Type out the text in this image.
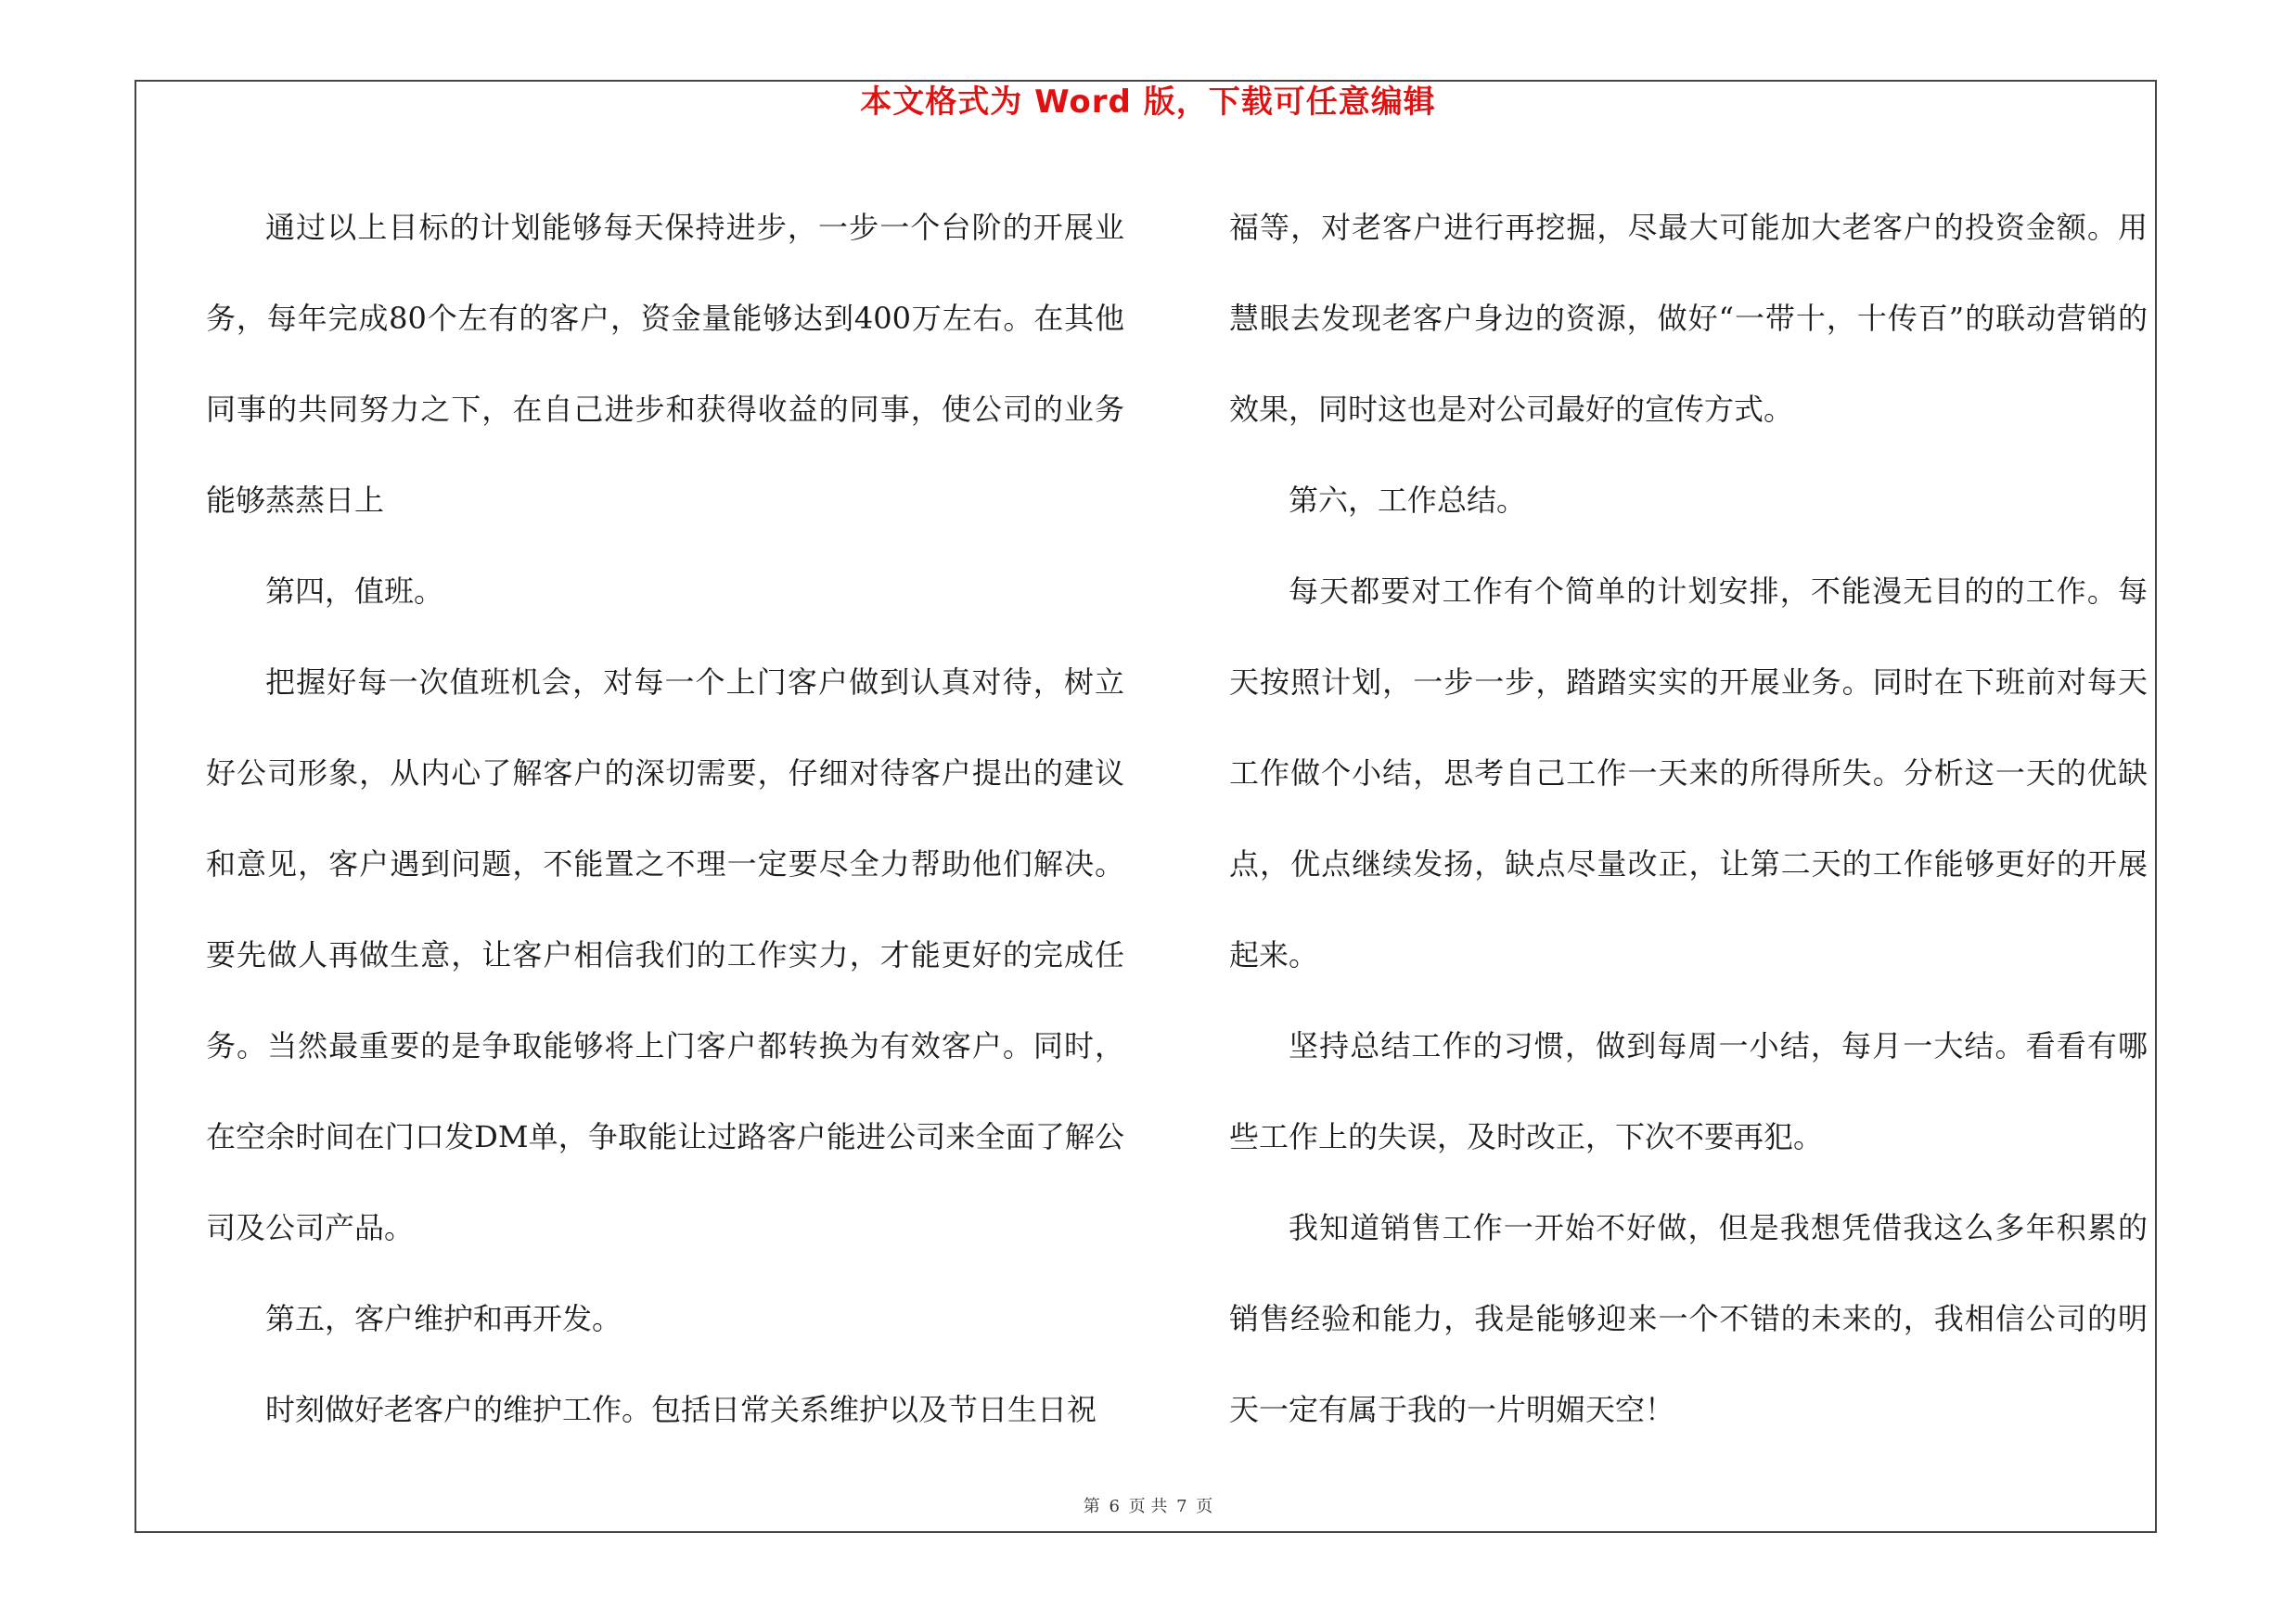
本文格式为 Word 版，下载可任意编辑

通过以上目标的计划能够每天保持进步，一步一个台阶的开展业务，每年完成80个左有的客户，资金量能够达到400万左右。在其他同事的共同努力之下，在自己进步和获得收益的同事，使公司的业务能够蒸蒸日上

第四，值班。

把握好每一次值班机会，对每一个上门客户做到认真对待，树立好公司形象，从内心了解客户的深切需要，仔细对待客户提出的建议和意见，客户遇到问题，不能置之不理一定要尽全力帮助他们解决。要先做人再做生意，让客户相信我们的工作实力，才能更好的完成任务。当然最重要的是争取能够将上门客户都转换为有效客户。同时，在空余时间在门口发DM单，争取能让过路客户能进公司来全面了解公司及公司产品。

第五，客户维护和再开发。

时刻做好老客户的维护工作。包括日常关系维护以及节日生日祝

福等，对老客户进行再挖掘，尽最大可能加大老客户的投资金额。用慧眼去发现老客户身边的资源，做好“一带十，十传百”的联动营销的效果，同时这也是对公司最好的宣传方式。

第六，工作总结。

每天都要对工作有个简单的计划安排，不能漫无目的的工作。每天按照计划，一步一步，踏踏实实的开展业务。同时在下班前对每天工作做个小结，思考自己工作一天来的所得所失。分析这一天的优缺点，优点继续发扬，缺点尽量改正，让第二天的工作能够更好的开展起来。

坚持总结工作的习惯，做到每周一小结，每月一大结。看看有哪些工作上的失误，及时改正，下次不要再犯。

我知道销售工作一开始不好做，但是我想凭借我这么多年积累的销售经验和能力，我是能够迎来一个不错的未来的，我相信公司的明天一定有属于我的一片明媚天空！

第 6 页 共 7 页
